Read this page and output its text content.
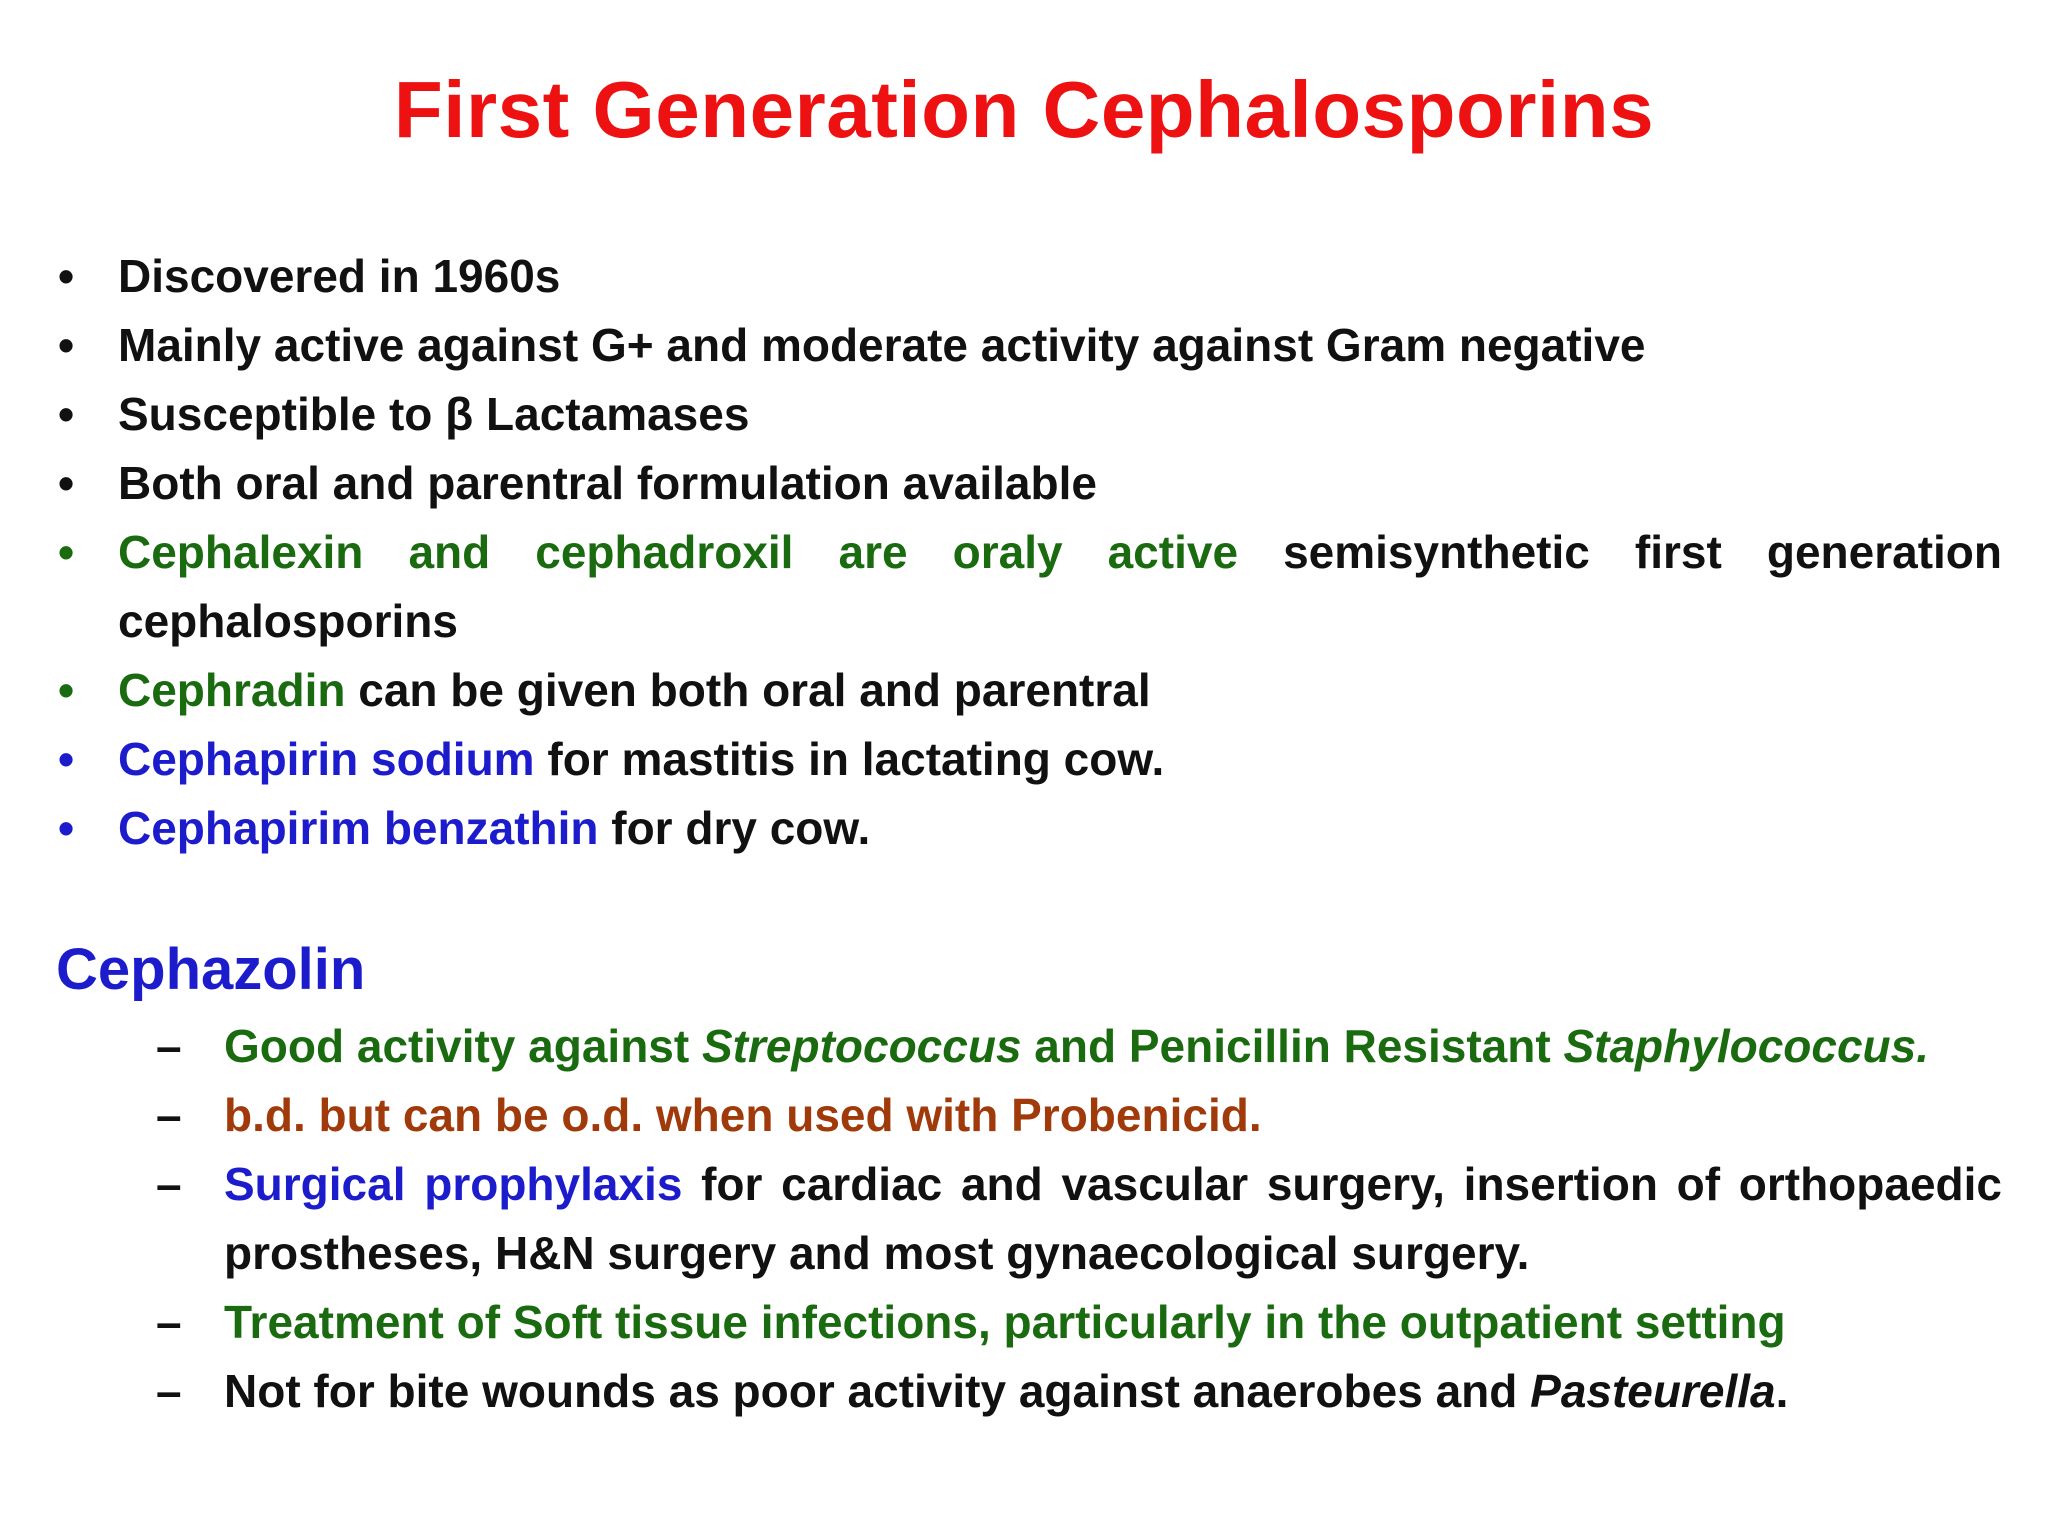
First Generation Cephalosporins
• Discovered in 1960s
• Mainly active against G+ and moderate activity against Gram negative
• Susceptible to β Lactamases
• Both oral and parentral formulation available
• Cephalexin and cephadroxil are oraly active semisynthetic first generation cephalosporins
• Cephradin can be given both oral and parentral
• Cephapirin sodium for mastitis in lactating cow.
• Cephapirim benzathin for dry cow.
Cephazolin
– Good activity against Streptococcus and Penicillin Resistant Staphylococcus.
– b.d. but can be o.d. when used with Probenicid.
– Surgical prophylaxis for cardiac and vascular surgery, insertion of orthopaedic prostheses, H&N surgery and most gynaecological surgery.
– Treatment of Soft tissue infections, particularly in the outpatient setting
– Not for bite wounds as poor activity against anaerobes and Pasteurella.
